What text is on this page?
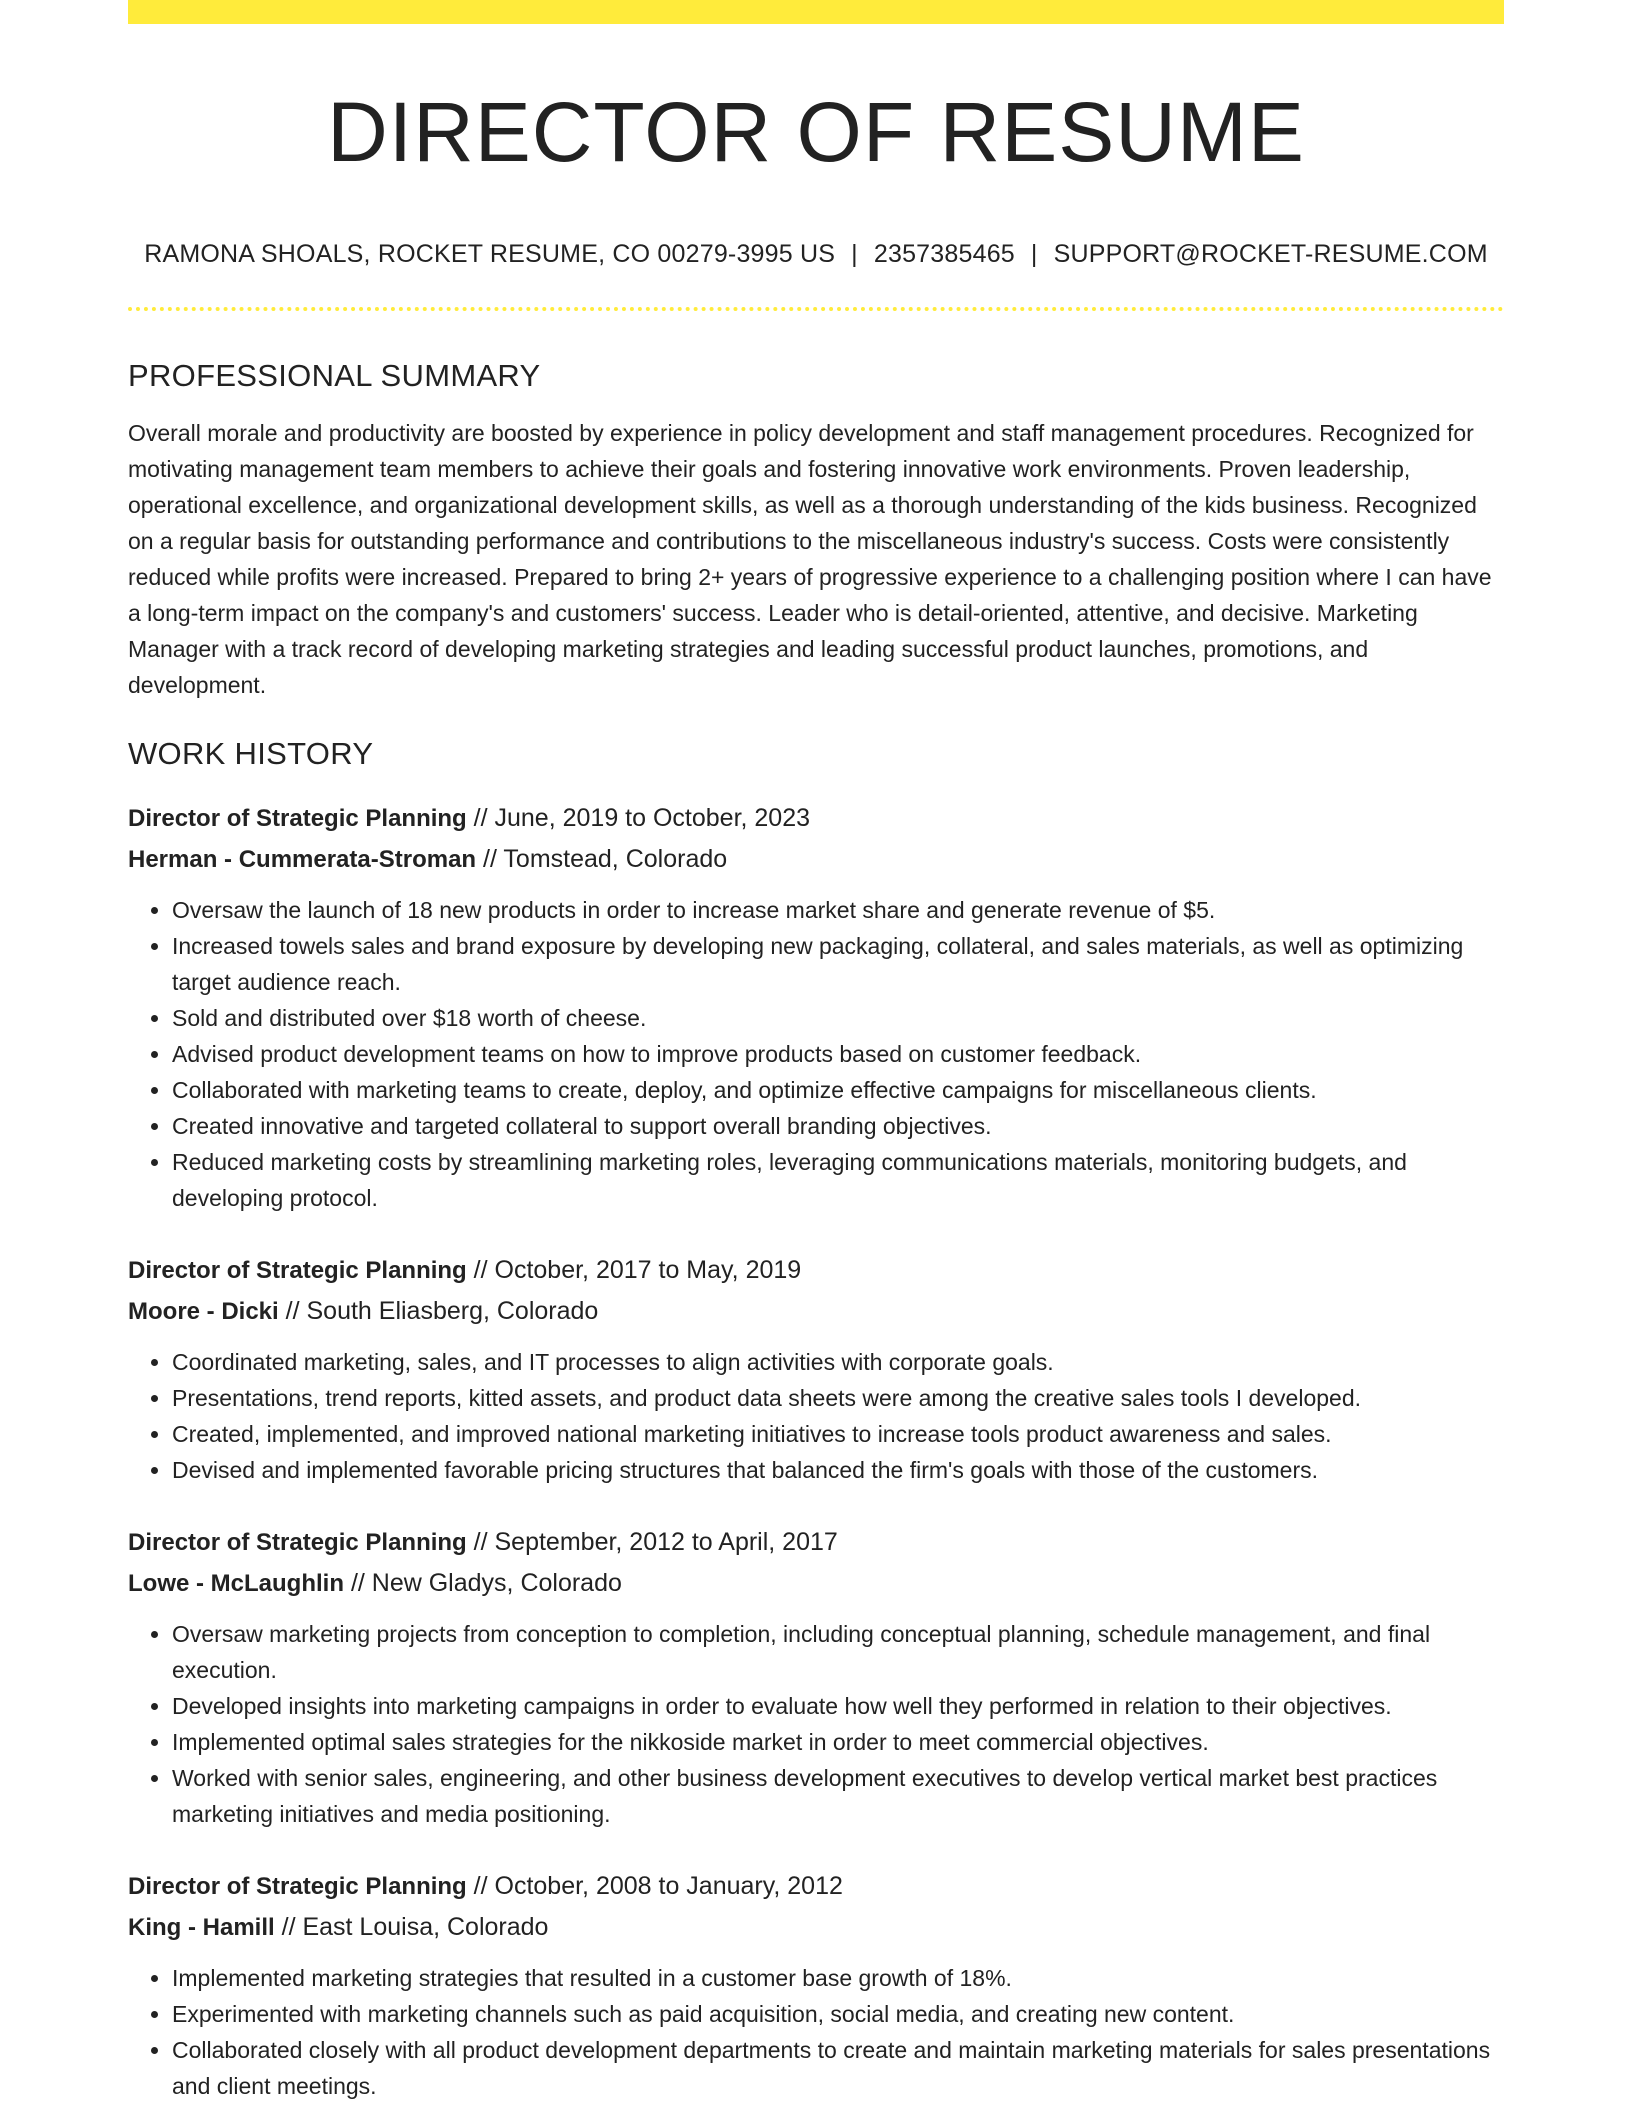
DIRECTOR OF RESUME
RAMONA SHOALS, ROCKET RESUME, CO 00279-3995 US | 2357385465 | SUPPORT@ROCKET-RESUME.COM
PROFESSIONAL SUMMARY
Overall morale and productivity are boosted by experience in policy development and staff management procedures. Recognized for motivating management team members to achieve their goals and fostering innovative work environments. Proven leadership, operational excellence, and organizational development skills, as well as a thorough understanding of the kids business. Recognized on a regular basis for outstanding performance and contributions to the miscellaneous industry's success. Costs were consistently reduced while profits were increased. Prepared to bring 2+ years of progressive experience to a challenging position where I can have a long-term impact on the company's and customers' success. Leader who is detail-oriented, attentive, and decisive. Marketing Manager with a track record of developing marketing strategies and leading successful product launches, promotions, and development.
WORK HISTORY
Director of Strategic Planning // June, 2019 to October, 2023
Herman - Cummerata-Stroman // Tomstead, Colorado
• Oversaw the launch of 18 new products in order to increase market share and generate revenue of $5.
• Increased towels sales and brand exposure by developing new packaging, collateral, and sales materials, as well as optimizing target audience reach.
• Sold and distributed over $18 worth of cheese.
• Advised product development teams on how to improve products based on customer feedback.
• Collaborated with marketing teams to create, deploy, and optimize effective campaigns for miscellaneous clients.
• Created innovative and targeted collateral to support overall branding objectives.
• Reduced marketing costs by streamlining marketing roles, leveraging communications materials, monitoring budgets, and developing protocol.
Director of Strategic Planning // October, 2017 to May, 2019
Moore - Dicki // South Eliasberg, Colorado
• Coordinated marketing, sales, and IT processes to align activities with corporate goals.
• Presentations, trend reports, kitted assets, and product data sheets were among the creative sales tools I developed.
• Created, implemented, and improved national marketing initiatives to increase tools product awareness and sales.
• Devised and implemented favorable pricing structures that balanced the firm's goals with those of the customers.
Director of Strategic Planning // September, 2012 to April, 2017
Lowe - McLaughlin // New Gladys, Colorado
• Oversaw marketing projects from conception to completion, including conceptual planning, schedule management, and final execution.
• Developed insights into marketing campaigns in order to evaluate how well they performed in relation to their objectives.
• Implemented optimal sales strategies for the nikkoside market in order to meet commercial objectives.
• Worked with senior sales, engineering, and other business development executives to develop vertical market best practices marketing initiatives and media positioning.
Director of Strategic Planning // October, 2008 to January, 2012
King - Hamill // East Louisa, Colorado
• Implemented marketing strategies that resulted in a customer base growth of 18%.
• Experimented with marketing channels such as paid acquisition, social media, and creating new content.
• Collaborated closely with all product development departments to create and maintain marketing materials for sales presentations and client meetings.
